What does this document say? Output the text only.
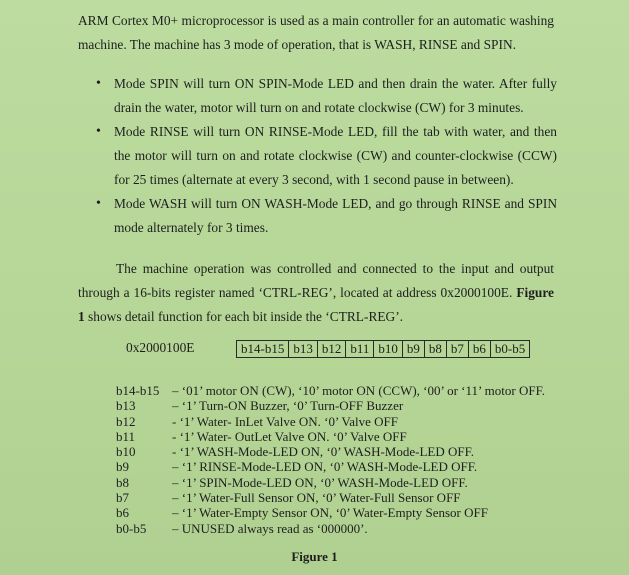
ARM Cortex M0+ microprocessor is used as a main controller for an automatic washing machine. The machine has 3 mode of operation, that is WASH, RINSE and SPIN.

• Mode SPIN will turn ON SPIN-Mode LED and then drain the water. After fully drain the water, motor will turn on and rotate clockwise (CW) for 3 minutes.
• Mode RINSE will turn ON RINSE-Mode LED, fill the tab with water, and then the motor will turn on and rotate clockwise (CW) and counter-clockwise (CCW) for 25 times (alternate at every 3 second, with 1 second pause in between).
• Mode WASH will turn ON WASH-Mode LED, and go through RINSE and SPIN mode alternately for 3 times.

The machine operation was controlled and connected to the input and output through a 16-bits register named ‘CTRL-REG’, located at address 0x2000100E. Figure 1 shows detail function for each bit inside the ‘CTRL-REG’.

0x2000100E	b14-b15	b13	b12	b11	b10	b9	b8	b7	b6	b0-b5
b14-b15 – ‘01’ motor ON (CW), ‘10’ motor ON (CCW), ‘00’ or ‘11’ motor OFF.
b13	– ‘1’ Turn-ON Buzzer, ‘0’ Turn-OFF Buzzer
b12	- ‘1’ Water- InLet Valve ON. ‘0’ Valve OFF
b11	- ‘1’ Water- OutLet Valve ON. ‘0’ Valve OFF
b10	- ‘1’ WASH-Mode-LED ON, ‘0’ WASH-Mode-LED OFF.
b9	– ‘1’ RINSE-Mode-LED ON, ‘0’ WASH-Mode-LED OFF.
b8	– ‘1’ SPIN-Mode-LED ON, ‘0’ WASH-Mode-LED OFF.
b7	– ‘1’ Water-Full Sensor ON, ‘0’ Water-Full Sensor OFF
b6	– ‘1’ Water-Empty Sensor ON, ‘0’ Water-Empty Sensor OFF
b0-b5	– UNUSED always read as ‘000000’.
Figure 1
